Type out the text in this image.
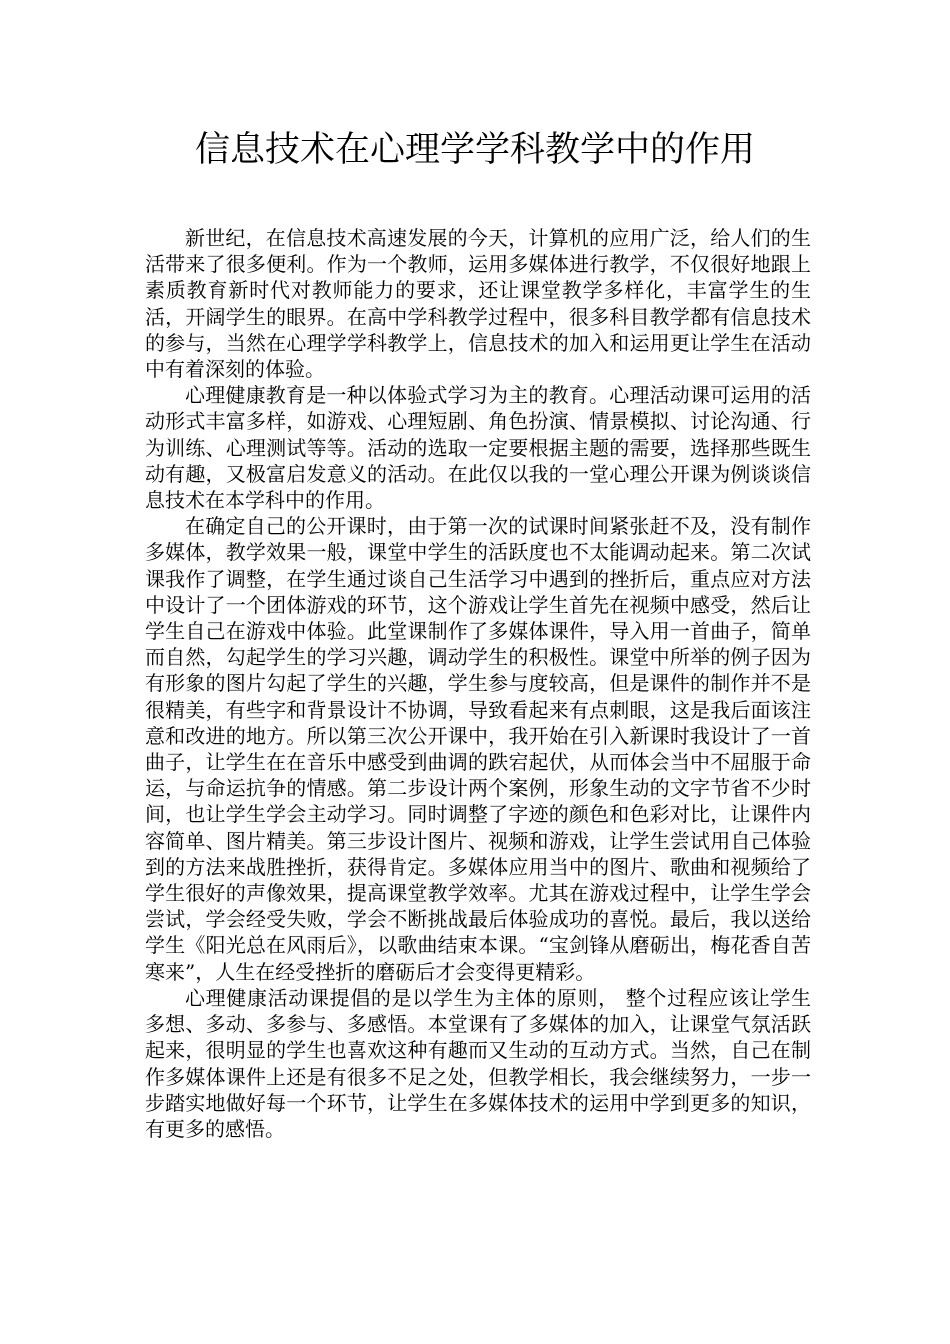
信息技术在心理学学科教学中的作用

新世纪，在信息技术高速发展的今天，计算机的应用广泛，给人们的生活带来了很多便利。作为一个教师，运用多媒体进行教学，不仅很好地跟上素质教育新时代对教师能力的要求，还让课堂教学多样化，丰富学生的生活，开阔学生的眼界。在高中学科教学过程中，很多科目教学都有信息技术的参与，当然在心理学学科教学上，信息技术的加入和运用更让学生在活动中有着深刻的体验。

心理健康教育是一种以体验式学习为主的教育。心理活动课可运用的活动形式丰富多样，如游戏、心理短剧、角色扮演、情景模拟、讨论沟通、行为训练、心理测试等等。活动的选取一定要根据主题的需要，选择那些既生动有趣，又极富启发意义的活动。在此仅以我的一堂心理公开课为例谈谈信息技术在本学科中的作用。

在确定自己的公开课时，由于第一次的试课时间紧张赶不及，没有制作多媒体，教学效果一般，课堂中学生的活跃度也不太能调动起来。第二次试课我作了调整，在学生通过谈自己生活学习中遇到的挫折后，重点应对方法中设计了一个团体游戏的环节，这个游戏让学生首先在视频中感受，然后让学生自己在游戏中体验。此堂课制作了多媒体课件，导入用一首曲子，简单而自然，勾起学生的学习兴趣，调动学生的积极性。课堂中所举的例子因为有形象的图片勾起了学生的兴趣，学生参与度较高，但是课件的制作并不是很精美，有些字和背景设计不协调，导致看起来有点刺眼，这是我后面该注意和改进的地方。所以第三次公开课中，我开始在引入新课时我设计了一首曲子，让学生在在音乐中感受到曲调的跌宕起伏，从而体会当中不屈服于命运，与命运抗争的情感。第二步设计两个案例，形象生动的文字节省不少时间，也让学生学会主动学习。同时调整了字迹的颜色和色彩对比，让课件内容简单、图片精美。第三步设计图片、视频和游戏，让学生尝试用自己体验到的方法来战胜挫折，获得肯定。多媒体应用当中的图片、歌曲和视频给了学生很好的声像效果，提高课堂教学效率。尤其在游戏过程中，让学生学会尝试，学会经受失败，学会不断挑战最后体验成功的喜悦。最后，我以送给学生《阳光总在风雨后》，以歌曲结束本课。“宝剑锋从磨砺出，梅花香自苦寒来”，人生在经受挫折的磨砺后才会变得更精彩。

心理健康活动课提倡的是以学生为主体的原则， 整个过程应该让学生多想、多动、多参与、多感悟。本堂课有了多媒体的加入，让课堂气氛活跃起来，很明显的学生也喜欢这种有趣而又生动的互动方式。当然，自己在制作多媒体课件上还是有很多不足之处，但教学相长，我会继续努力，一步一步踏实地做好每一个环节，让学生在多媒体技术的运用中学到更多的知识，有更多的感悟。
